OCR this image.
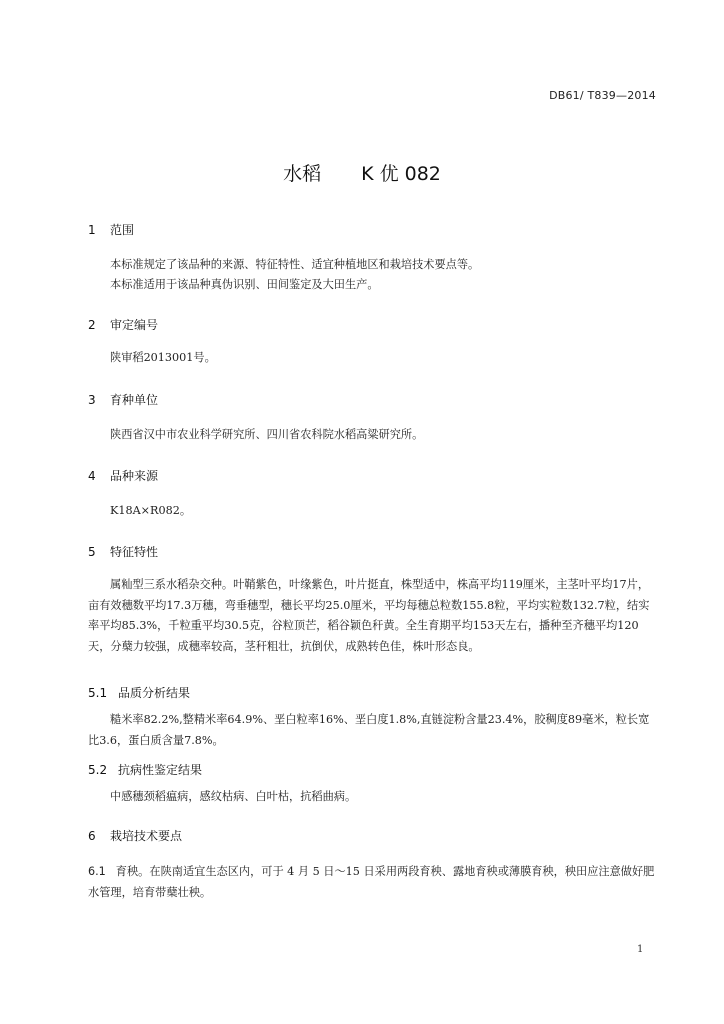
DB61/ T839—2014
水稻 K 优 082
1 范围
本标准规定了该品种的来源、特征特性、适宜种植地区和栽培技术要点等。
本标准适用于该品种真伪识别、田间鉴定及大田生产。
2 审定编号
陕审稻2013001号。
3 育种单位
陕西省汉中市农业科学研究所、四川省农科院水稻高粱研究所。
4 品种来源
K18A×R082。
5 特征特性
属籼型三系水稻杂交种。叶鞘紫色，叶缘紫色，叶片挺直，株型适中，株高平均119厘米，主茎叶平均17片，亩有效穗数平均17.3万穗，弯垂穗型，穗长平均25.0厘米，平均每穗总粒数155.8粒，平均实粒数132.7粒，结实率平均85.3%，千粒重平均30.5克，谷粒顶芒，稻谷颖色秆黄。全生育期平均153天左右，播种至齐穗平均120天，分蘖力较强，成穗率较高，茎秆粗壮，抗倒伏，成熟转色佳，株叶形态良。
5.1 品质分析结果
糙米率82.2%,整精米率64.9%、垩白粒率16%、垩白度1.8%,直链淀粉含量23.4%，胶稠度89毫米，粒长宽比3.6，蛋白质含量7.8%。
5.2 抗病性鉴定结果
中感穗颈稻瘟病，感纹枯病、白叶枯，抗稻曲病。
6 栽培技术要点
6.1 育秧。在陕南适宜生态区内，可于 4 月 5 日～15 日采用两段育秧、露地育秧或薄膜育秧，秧田应注意做好肥水管理，培育带蘖壮秧。
1
